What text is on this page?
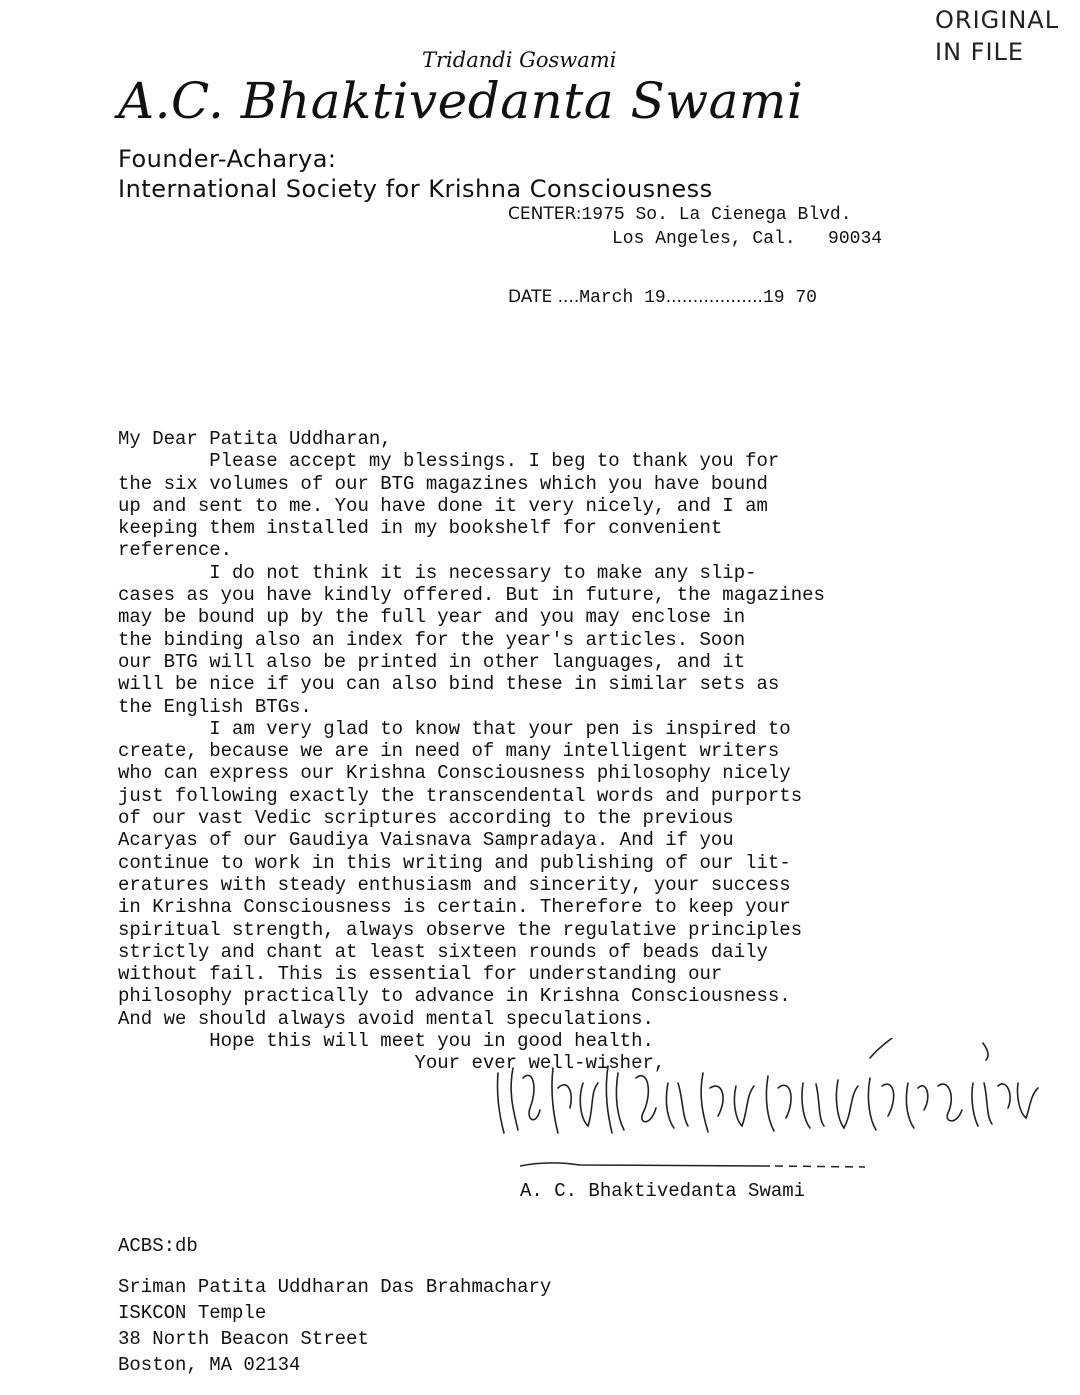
ORIGINAL
IN FILE
Tridandi Goswami
A.C. Bhaktivedanta Swami
Founder-Acharya:
International Society for Krishna Consciousness
CENTER:1975 So. La Cienega Blvd.
Los Angeles, Cal.   90034
DATE ....March 19..................19 70
My Dear Patita Uddharan,
Please accept my blessings. I beg to thank you for
the six volumes of our BTG magazines which you have bound
up and sent to me. You have done it very nicely, and I am
keeping them installed in my bookshelf for convenient
reference.
I do not think it is necessary to make any slip-
cases as you have kindly offered. But in future, the magazines
may be bound up by the full year and you may enclose in
the binding also an index for the year's articles. Soon
our BTG will also be printed in other languages, and it
will be nice if you can also bind these in similar sets as
the English BTGs.
I am very glad to know that your pen is inspired to
create, because we are in need of many intelligent writers
who can express our Krishna Consciousness philosophy nicely
just following exactly the transcendental words and purports
of our vast Vedic scriptures according to the previous
Acaryas of our Gaudiya Vaisnava Sampradaya. And if you
continue to work in this writing and publishing of our lit-
eratures with steady enthusiasm and sincerity, your success
in Krishna Consciousness is certain. Therefore to keep your
spiritual strength, always observe the regulative principles
strictly and chant at least sixteen rounds of beads daily
without fail. This is essential for understanding our
philosophy practically to advance in Krishna Consciousness.
And we should always avoid mental speculations.
Hope this will meet you in good health.
Your ever well-wisher,
A. C. Bhaktivedanta Swami
ACBS:db
Sriman Patita Uddharan Das Brahmachary
ISKCON Temple
38 North Beacon Street
Boston, MA 02134
